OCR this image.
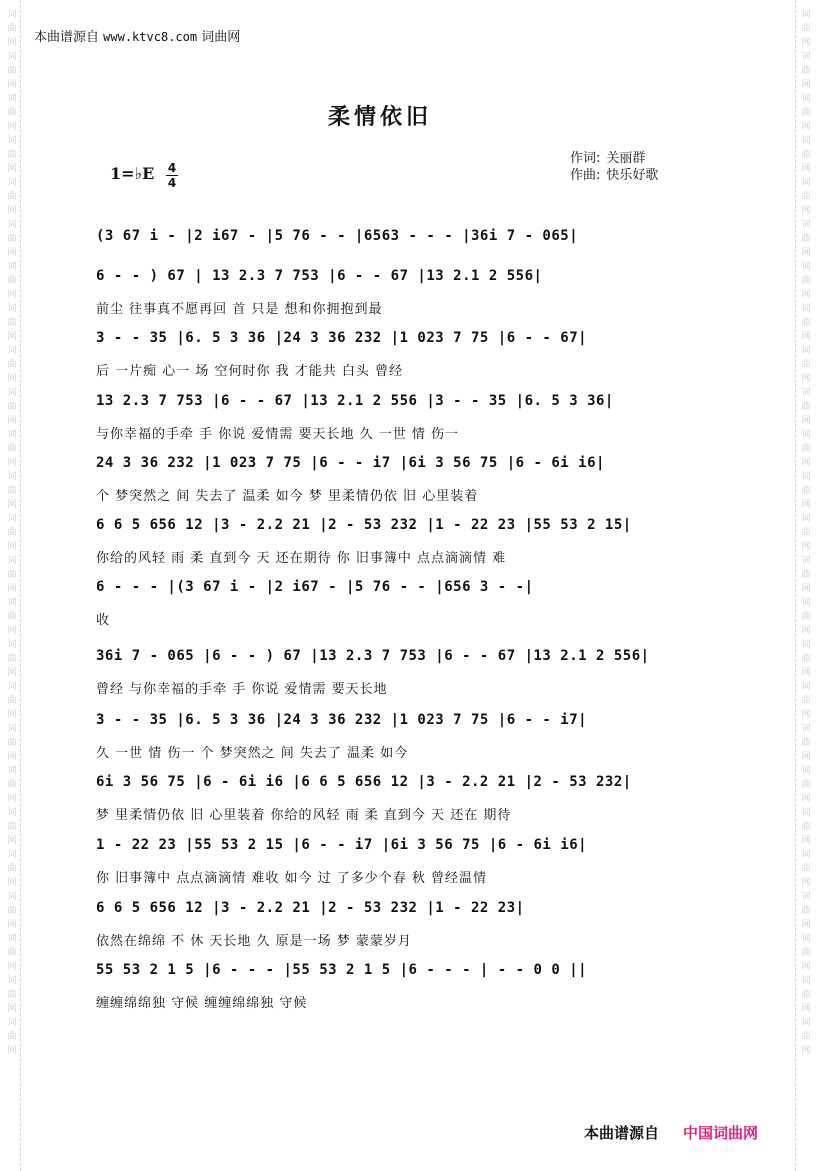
词曲网词曲网词曲网词曲网词曲网词曲网词曲网词曲网词曲网词曲网词曲网词曲网词曲网词曲网词曲网词曲网词曲网词曲网词曲网词曲网词曲网词曲网词曲网词曲网词曲网
词曲网词曲网词曲网词曲网词曲网词曲网词曲网词曲网词曲网词曲网词曲网词曲网词曲网词曲网词曲网词曲网词曲网词曲网词曲网词曲网词曲网词曲网词曲网词曲网词曲网
本曲谱源自 www.ktvc8.com 词曲网
柔情依旧
1=♭E 4
4
作词: 关丽群
作曲: 快乐好歌
(3 67 i - |2 i67 - |5 76 - - |6563 - - - |36i 7 - 065|
6 - - ) 67 | 13 2.3 7 753 |6 - - 67 |13 2.1 2 556|
前尘 往事真不愿再回 首 只是 想和你拥抱到最
3 - - 35 |6. 5 3 36 |24 3 36 232 |1 023 7 75 |6 - - 67|
后 一片痴 心一 场 空何时你 我 才能共 白头 曾经
13 2.3 7 753 |6 - - 67 |13 2.1 2 556 |3 - - 35 |6. 5 3 36|
与你幸福的手牵 手 你说 爱情需 要天长地 久 一世 情 伤一
24 3 36 232 |1 023 7 75 |6 - - i7 |6i 3 56 75 |6 - 6i i6|
个 梦突然之 间 失去了 温柔 如今 梦 里柔情仍依 旧 心里装着
6 6 5 656 12 |3 - 2.2 21 |2 - 53 232 |1 - 22 23 |55 53 2 15|
你给的风轻 雨 柔 直到今 天 还在期待 你 旧事簿中 点点滴滴情 难
6 - - - |(3 67 i - |2 i67 - |5 76 - - |656 3 - -|
收
36i 7 - 065 |6 - - ) 67 |13 2.3 7 753 |6 - - 67 |13 2.1 2 556|
曾经 与你幸福的手牵 手 你说 爱情需 要天长地
3 - - 35 |6. 5 3 36 |24 3 36 232 |1 023 7 75 |6 - - i7|
久 一世 情 伤一 个 梦突然之 间 失去了 温柔 如今
6i 3 56 75 |6 - 6i i6 |6 6 5 656 12 |3 - 2.2 21 |2 - 53 232|
梦 里柔情仍依 旧 心里装着 你给的风轻 雨 柔 直到今 天 还在 期待
1 - 22 23 |55 53 2 15 |6 - - i7 |6i 3 56 75 |6 - 6i i6|
你 旧事簿中 点点滴滴情 难收 如今 过 了多少个春 秋 曾经温情
6 6 5 656 12 |3 - 2.2 21 |2 - 53 232 |1 - 22 23|
依然在绵绵 不 休 天长地 久 原是一场 梦 蒙蒙岁月
55 53 2 1 5 |6 - - - |55 53 2 1 5 |6 - - - | - - 0 0 ||
缠缠绵绵独 守候 缠缠绵绵独 守候
本曲谱源自 中国词曲网
